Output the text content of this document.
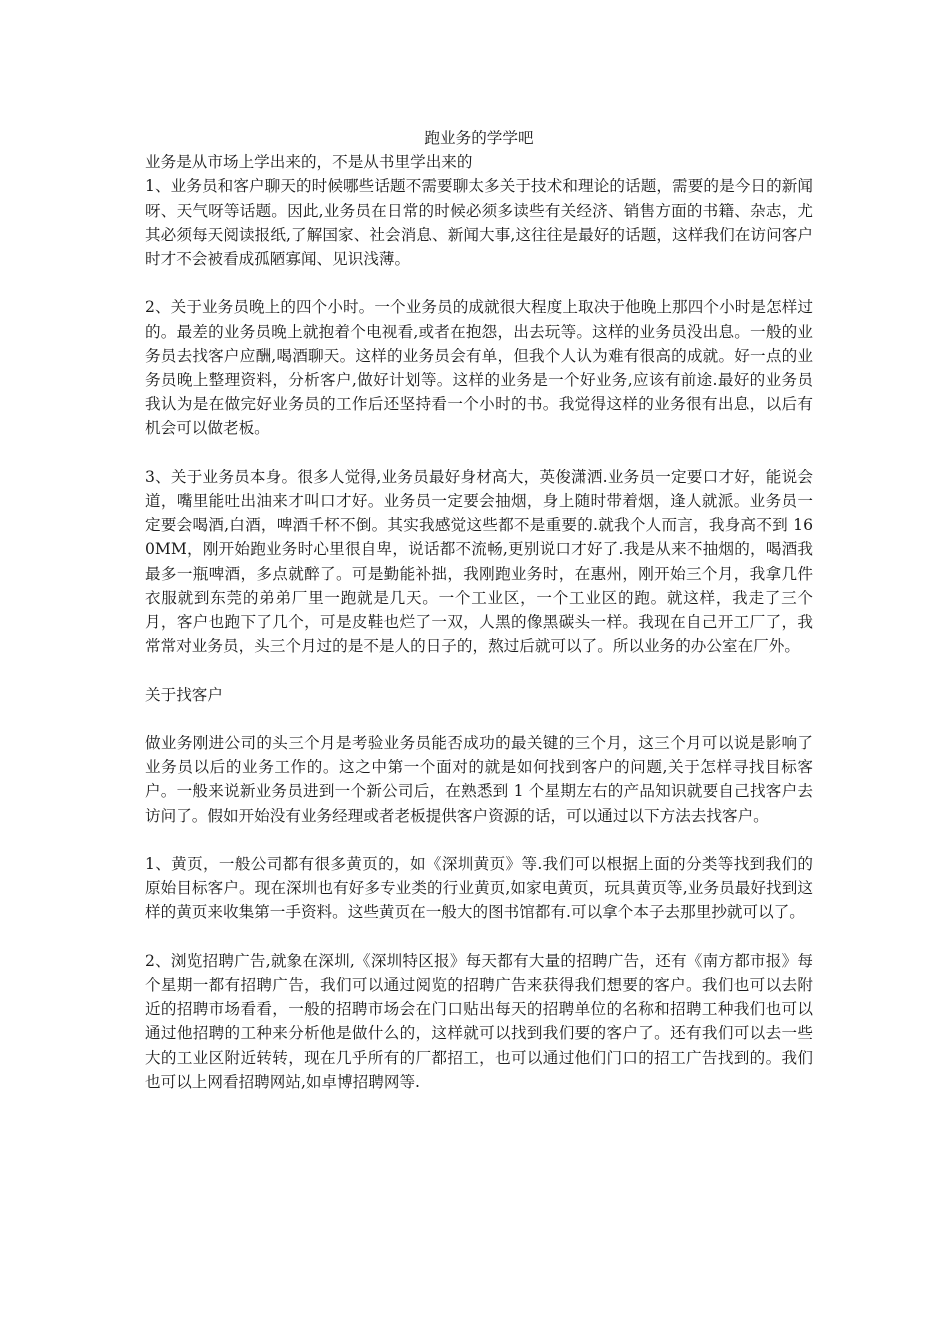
跑业务的学学吧

业务是从市场上学出来的，不是从书里学出来的

1、业务员和客户聊天的时候哪些话题不需要聊太多关于技术和理论的话题，需要的是今日的新闻呀、天气呀等话题。因此,业务员在日常的时候必须多读些有关经济、销售方面的书籍、杂志，尤其必须每天阅读报纸,了解国家、社会消息、新闻大事,这往往是最好的话题，这样我们在访问客户时才不会被看成孤陋寡闻、见识浅薄。

2、关于业务员晚上的四个小时。一个业务员的成就很大程度上取决于他晚上那四个小时是怎样过的。最差的业务员晚上就抱着个电视看,或者在抱怨，出去玩等。这样的业务员没出息。一般的业务员去找客户应酬,喝酒聊天。这样的业务员会有单，但我个人认为难有很高的成就。好一点的业务员晚上整理资料，分析客户,做好计划等。这样的业务是一个好业务,应该有前途.最好的业务员我认为是在做完好业务员的工作后还坚持看一个小时的书。我觉得这样的业务很有出息，以后有机会可以做老板。

3、关于业务员本身。很多人觉得,业务员最好身材高大，英俊潇洒.业务员一定要口才好，能说会道，嘴里能吐出油来才叫口才好。业务员一定要会抽烟，身上随时带着烟，逢人就派。业务员一定要会喝酒,白酒，啤酒千杯不倒。其实我感觉这些都不是重要的.就我个人而言，我身高不到 160MM，刚开始跑业务时心里很自卑，说话都不流畅,更别说口才好了.我是从来不抽烟的，喝酒我最多一瓶啤酒，多点就醉了。可是勤能补拙，我刚跑业务时，在惠州，刚开始三个月，我拿几件衣服就到东莞的弟弟厂里一跑就是几天。一个工业区，一个工业区的跑。就这样，我走了三个月，客户也跑下了几个，可是皮鞋也烂了一双，人黑的像黑碳头一样。我现在自己开工厂了，我常常对业务员，头三个月过的是不是人的日子的，熬过后就可以了。所以业务的办公室在厂外。

关于找客户

做业务刚进公司的头三个月是考验业务员能否成功的最关键的三个月，这三个月可以说是影响了业务员以后的业务工作的。这之中第一个面对的就是如何找到客户的问题,关于怎样寻找目标客户。一般来说新业务员进到一个新公司后，在熟悉到 1 个星期左右的产品知识就要自己找客户去访问了。假如开始没有业务经理或者老板提供客户资源的话，可以通过以下方法去找客户。

1、黄页，一般公司都有很多黄页的，如《深圳黄页》等.我们可以根据上面的分类等找到我们的原始目标客户。现在深圳也有好多专业类的行业黄页,如家电黄页，玩具黄页等,业务员最好找到这样的黄页来收集第一手资料。这些黄页在一般大的图书馆都有.可以拿个本子去那里抄就可以了。

2、浏览招聘广告,就象在深圳,《深圳特区报》每天都有大量的招聘广告，还有《南方都市报》每个星期一都有招聘广告，我们可以通过阅览的招聘广告来获得我们想要的客户。我们也可以去附近的招聘市场看看，一般的招聘市场会在门口贴出每天的招聘单位的名称和招聘工种我们也可以通过他招聘的工种来分析他是做什么的，这样就可以找到我们要的客户了。还有我们可以去一些大的工业区附近转转，现在几乎所有的厂都招工，也可以通过他们门口的招工广告找到的。我们也可以上网看招聘网站,如卓博招聘网等.
